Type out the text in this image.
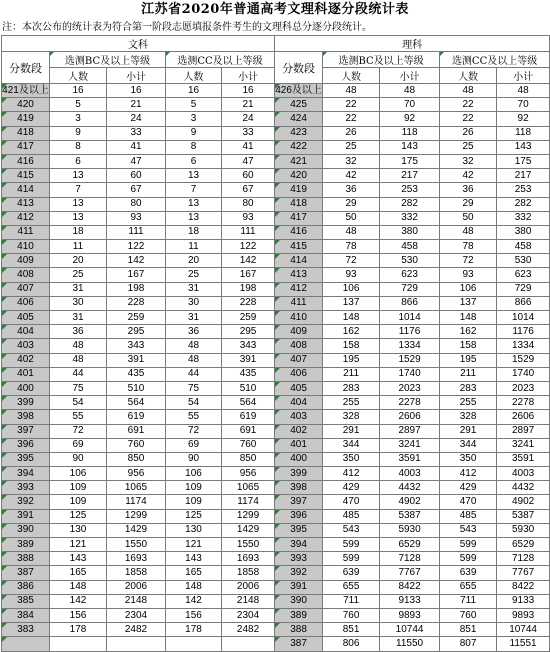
江苏省2020年普通高考文理科逐分段统计表
注：本次公布的统计表为符合第一阶段志愿填报条件考生的文理科总分逐分段统计。
文科					理科				
分数段	选测BC及以上等级		选测CC及以上等级		分数段	选测BC及以上等级		选测CC及以上等级	
	人数	小计	人数	小计		人数	小计	人数	小计
421及以上	16	16	16	16	426及以上	48	48	48	48
420	5	21	5	21	425	22	70	22	70
419	3	24	3	24	424	22	92	22	92
418	9	33	9	33	423	26	118	26	118
417	8	41	8	41	422	25	143	25	143
416	6	47	6	47	421	32	175	32	175
415	13	60	13	60	420	42	217	42	217
414	7	67	7	67	419	36	253	36	253
413	13	80	13	80	418	29	282	29	282
412	13	93	13	93	417	50	332	50	332
411	18	111	18	111	416	48	380	48	380
410	11	122	11	122	415	78	458	78	458
409	20	142	20	142	414	72	530	72	530
408	25	167	25	167	413	93	623	93	623
407	31	198	31	198	412	106	729	106	729
406	30	228	30	228	411	137	866	137	866
405	31	259	31	259	410	148	1014	148	1014
404	36	295	36	295	409	162	1176	162	1176
403	48	343	48	343	408	158	1334	158	1334
402	48	391	48	391	407	195	1529	195	1529
401	44	435	44	435	406	211	1740	211	1740
400	75	510	75	510	405	283	2023	283	2023
399	54	564	54	564	404	255	2278	255	2278
398	55	619	55	619	403	328	2606	328	2606
397	72	691	72	691	402	291	2897	291	2897
396	69	760	69	760	401	344	3241	344	3241
395	90	850	90	850	400	350	3591	350	3591
394	106	956	106	956	399	412	4003	412	4003
393	109	1065	109	1065	398	429	4432	429	4432
392	109	1174	109	1174	397	470	4902	470	4902
391	125	1299	125	1299	396	485	5387	485	5387
390	130	1429	130	1429	395	543	5930	543	5930
389	121	1550	121	1550	394	599	6529	599	6529
388	143	1693	143	1693	393	599	7128	599	7128
387	165	1858	165	1858	392	639	7767	639	7767
386	148	2006	148	2006	391	655	8422	655	8422
385	142	2148	142	2148	390	711	9133	711	9133
384	156	2304	156	2304	389	760	9893	760	9893
383	178	2482	178	2482	388	851	10744	851	10744
					387	806	11550	807	11551
